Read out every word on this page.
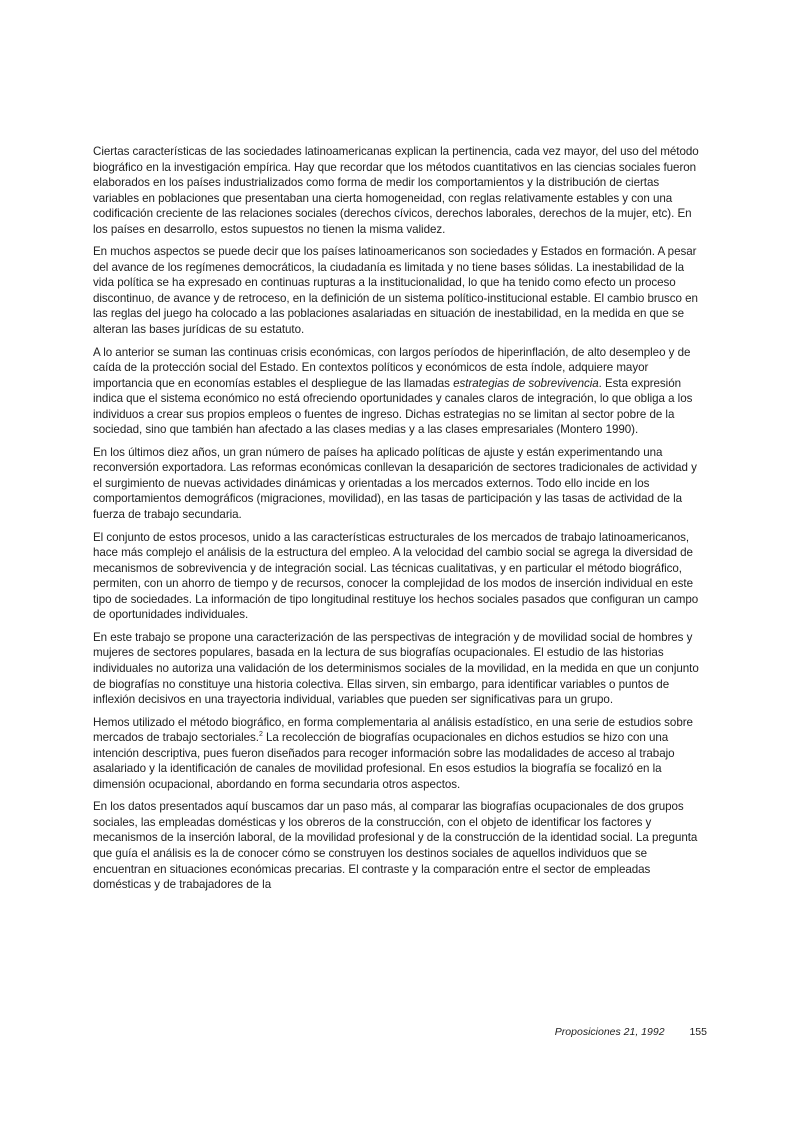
Ciertas características de las sociedades latinoamericanas explican la pertinencia, cada vez mayor, del uso del método biográfico en la investigación empírica. Hay que recordar que los métodos cuantitativos en las ciencias sociales fueron elaborados en los países industrializados como forma de medir los comportamientos y la distribución de ciertas variables en poblaciones que presentaban una cierta homogeneidad, con reglas relativamente estables y con una codificación creciente de las relaciones sociales (derechos cívicos, derechos laborales, derechos de la mujer, etc). En los países en desarrollo, estos supuestos no tienen la misma validez.

En muchos aspectos se puede decir que los países latinoamericanos son sociedades y Estados en formación. A pesar del avance de los regímenes democráticos, la ciudadanía es limitada y no tiene bases sólidas. La inestabilidad de la vida política se ha expresado en continuas rupturas a la institucionalidad, lo que ha tenido como efecto un proceso discontinuo, de avance y de retroceso, en la definición de un sistema político-institucional estable. El cambio brusco en las reglas del juego ha colocado a las poblaciones asalariadas en situación de inestabilidad, en la medida en que se alteran las bases jurídicas de su estatuto.

A lo anterior se suman las continuas crisis económicas, con largos períodos de hiperinflación, de alto desempleo y de caída de la protección social del Estado. En contextos políticos y económicos de esta índole, adquiere mayor importancia que en economías estables el despliegue de las llamadas estrategias de sobrevivencia. Esta expresión indica que el sistema económico no está ofreciendo oportunidades y canales claros de integración, lo que obliga a los individuos a crear sus propios empleos o fuentes de ingreso. Dichas estrategias no se limitan al sector pobre de la sociedad, sino que también han afectado a las clases medias y a las clases empresariales (Montero 1990).

En los últimos diez años, un gran número de países ha aplicado políticas de ajuste y están experimentando una reconversión exportadora. Las reformas económicas conllevan la desaparición de sectores tradicionales de actividad y el surgimiento de nuevas actividades dinámicas y orientadas a los mercados externos. Todo ello incide en los comportamientos demográficos (migraciones, movilidad), en las tasas de participación y las tasas de actividad de la fuerza de trabajo secundaria.

El conjunto de estos procesos, unido a las características estructurales de los mercados de trabajo latinoamericanos, hace más complejo el análisis de la estructura del empleo. A la velocidad del cambio social se agrega la diversidad de mecanismos de sobrevivencia y de integración social. Las técnicas cualitativas, y en particular el método biográfico, permiten, con un ahorro de tiempo y de recursos, conocer la complejidad de los modos de inserción individual en este tipo de sociedades. La información de tipo longitudinal restituye los hechos sociales pasados que configuran un campo de oportunidades individuales.

En este trabajo se propone una caracterización de las perspectivas de integración y de movilidad social de hombres y mujeres de sectores populares, basada en la lectura de sus biografías ocupacionales. El estudio de las historias individuales no autoriza una validación de los determinismos sociales de la movilidad, en la medida en que un conjunto de biografías no constituye una historia colectiva. Ellas sirven, sin embargo, para identificar variables o puntos de inflexión decisivos en una trayectoria individual, variables que pueden ser significativas para un grupo.

Hemos utilizado el método biográfico, en forma complementaria al análisis estadístico, en una serie de estudios sobre mercados de trabajo sectoriales.$^2$ La recolección de biografías ocupacionales en dichos estudios se hizo con una intención descriptiva, pues fueron diseñados para recoger información sobre las modalidades de acceso al trabajo asalariado y la identificación de canales de movilidad profesional. En esos estudios la biografía se focalizó en la dimensión ocupacional, abordando en forma secundaria otros aspectos.

En los datos presentados aquí buscamos dar un paso más, al comparar las biografías ocupacionales de dos grupos sociales, las empleadas domésticas y los obreros de la construcción, con el objeto de identificar los factores y mecanismos de la inserción laboral, de la movilidad profesional y de la construcción de la identidad social. La pregunta que guía el análisis es la de conocer cómo se construyen los destinos sociales de aquellos individuos que se encuentran en situaciones económicas precarias. El contraste y la comparación entre el sector de empleadas domésticas y de trabajadores de la

Proposiciones 21, 1992 155
